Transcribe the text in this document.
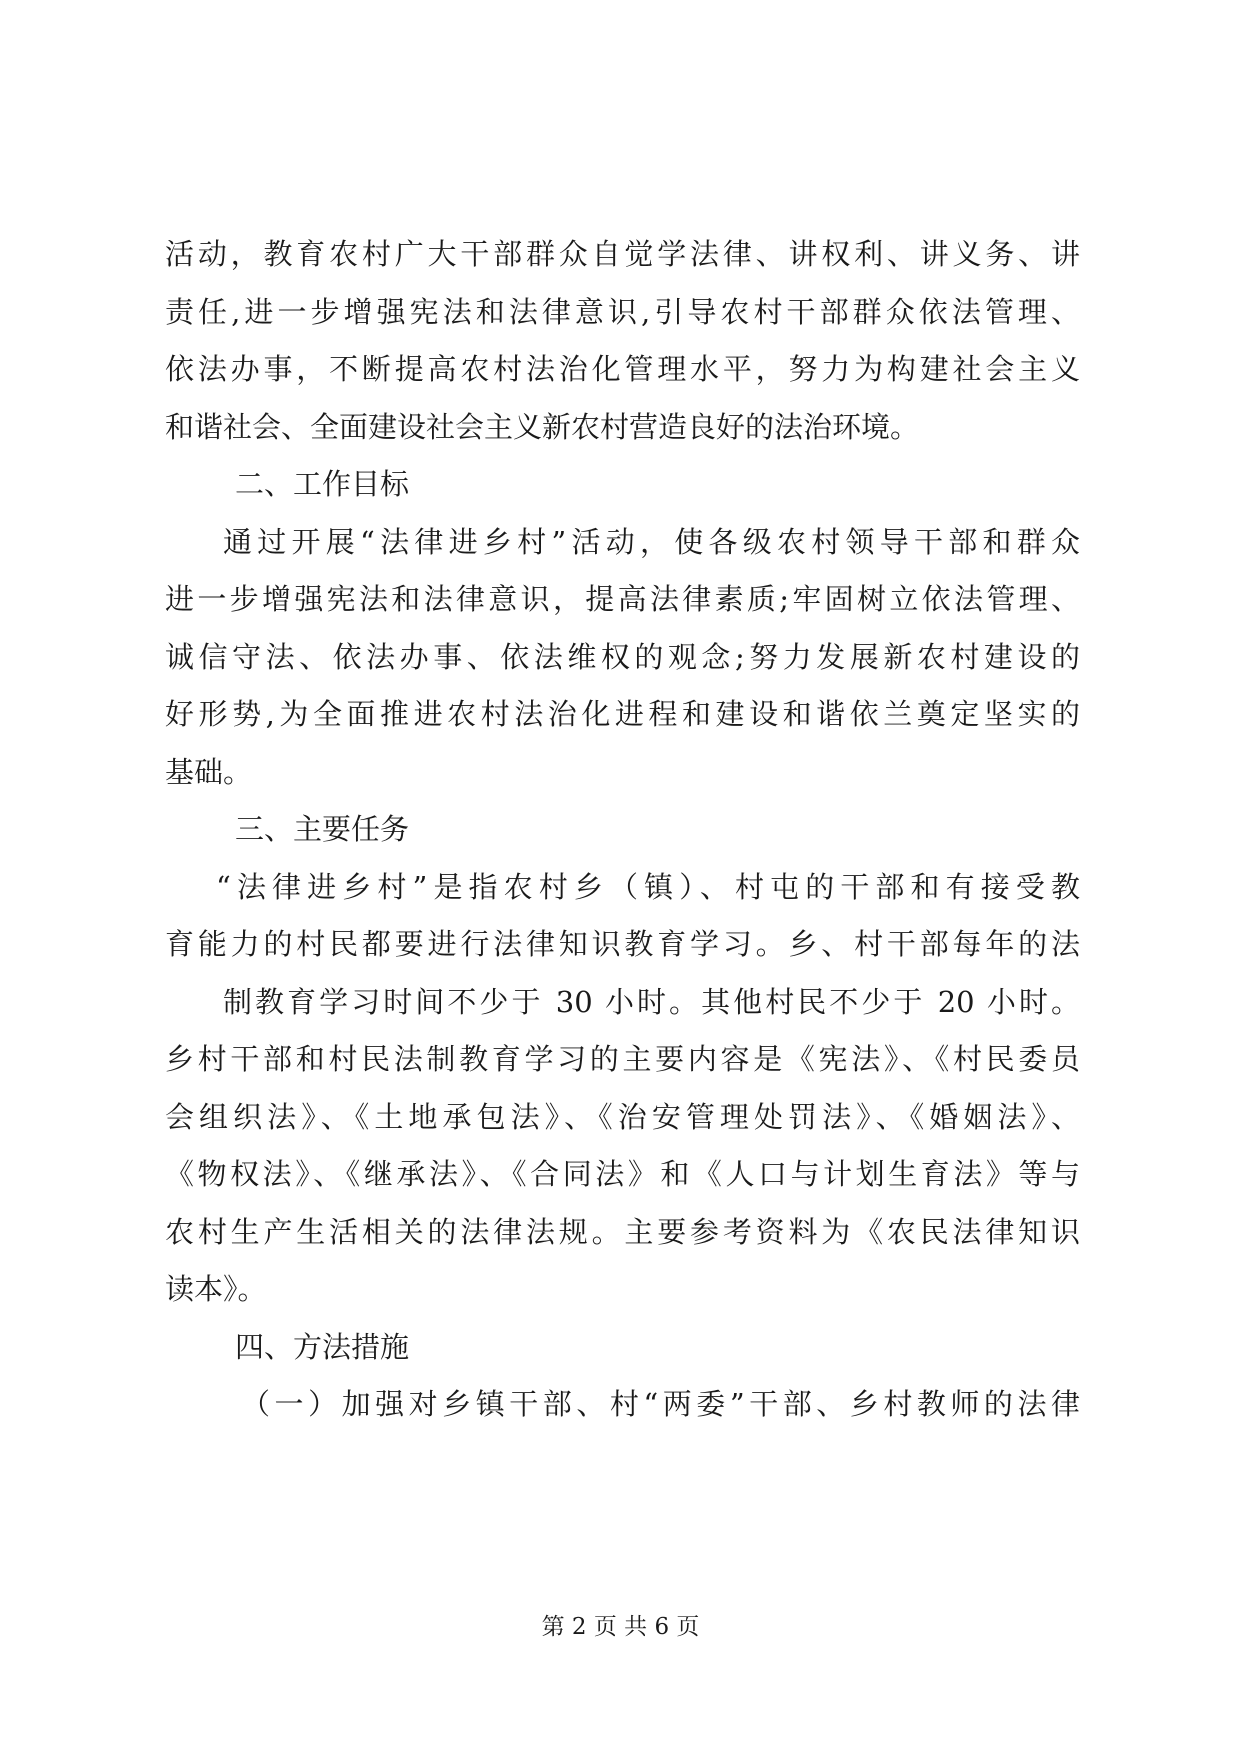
活动，教育农村广大干部群众自觉学法律、讲权利、讲义务、讲
责任,进一步增强宪法和法律意识,引导农村干部群众依法管理、
依法办事，不断提高农村法治化管理水平，努力为构建社会主义
和谐社会、全面建设社会主义新农村营造良好的法治环境。
二、工作目标
通过开展“法律进乡村”活动，使各级农村领导干部和群众
进一步增强宪法和法律意识，提高法律素质;牢固树立依法管理、
诚信守法、依法办事、依法维权的观念;努力发展新农村建设的
好形势,为全面推进农村法治化进程和建设和谐依兰奠定坚实的
基础。
三、主要任务
“法律进乡村”是指农村乡（镇）、村屯的干部和有接受教
育能力的村民都要进行法律知识教育学习。乡、村干部每年的法
制教育学习时间不少于 30 小时。其他村民不少于 20 小时。
乡村干部和村民法制教育学习的主要内容是《宪法》、《村民委员
会组织法》、《土地承包法》、《治安管理处罚法》、《婚姻法》、
《物权法》、《继承法》、《合同法》和《人口与计划生育法》等与
农村生产生活相关的法律法规。主要参考资料为《农民法律知识
读本》。
四、方法措施
（一）加强对乡镇干部、村“两委”干部、乡村教师的法律
第 2 页 共 6 页
